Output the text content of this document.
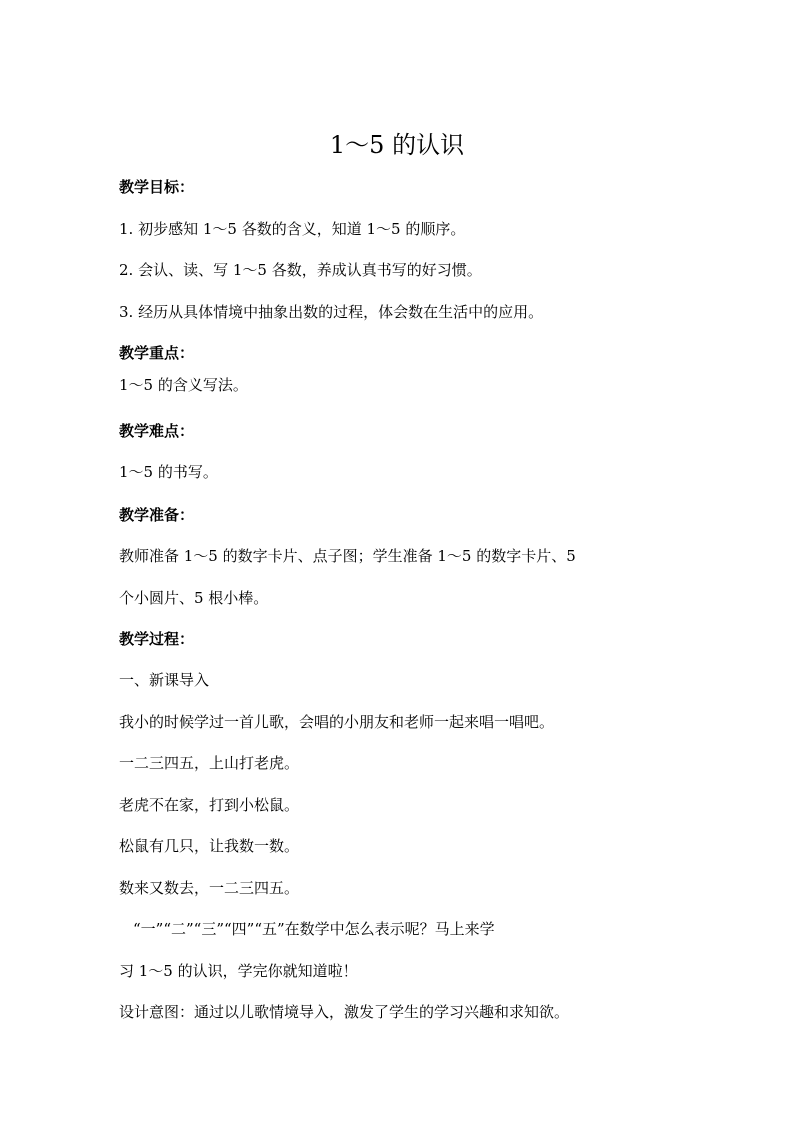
1～5 的认识
教学目标：
1. 初步感知 1～5 各数的含义，知道 1～5 的顺序。
2. 会认、读、写 1～5 各数，养成认真书写的好习惯。
3. 经历从具体情境中抽象出数的过程，体会数在生活中的应用。
教学重点：
1～5 的含义写法。
教学难点：
1～5 的书写。
教学准备：
教师准备 1～5 的数字卡片、点子图；学生准备 1～5 的数字卡片、5
个小圆片、5 根小棒。
教学过程：
一、新课导入
我小的时候学过一首儿歌，会唱的小朋友和老师一起来唱一唱吧。
一二三四五，上山打老虎。
老虎不在家，打到小松鼠。
松鼠有几只，让我数一数。
数来又数去，一二三四五。
“一”“二”“三”“四”“五”在数学中怎么表示呢？马上来学
习 1～5 的认识，学完你就知道啦！
设计意图：通过以儿歌情境导入，激发了学生的学习兴趣和求知欲。
